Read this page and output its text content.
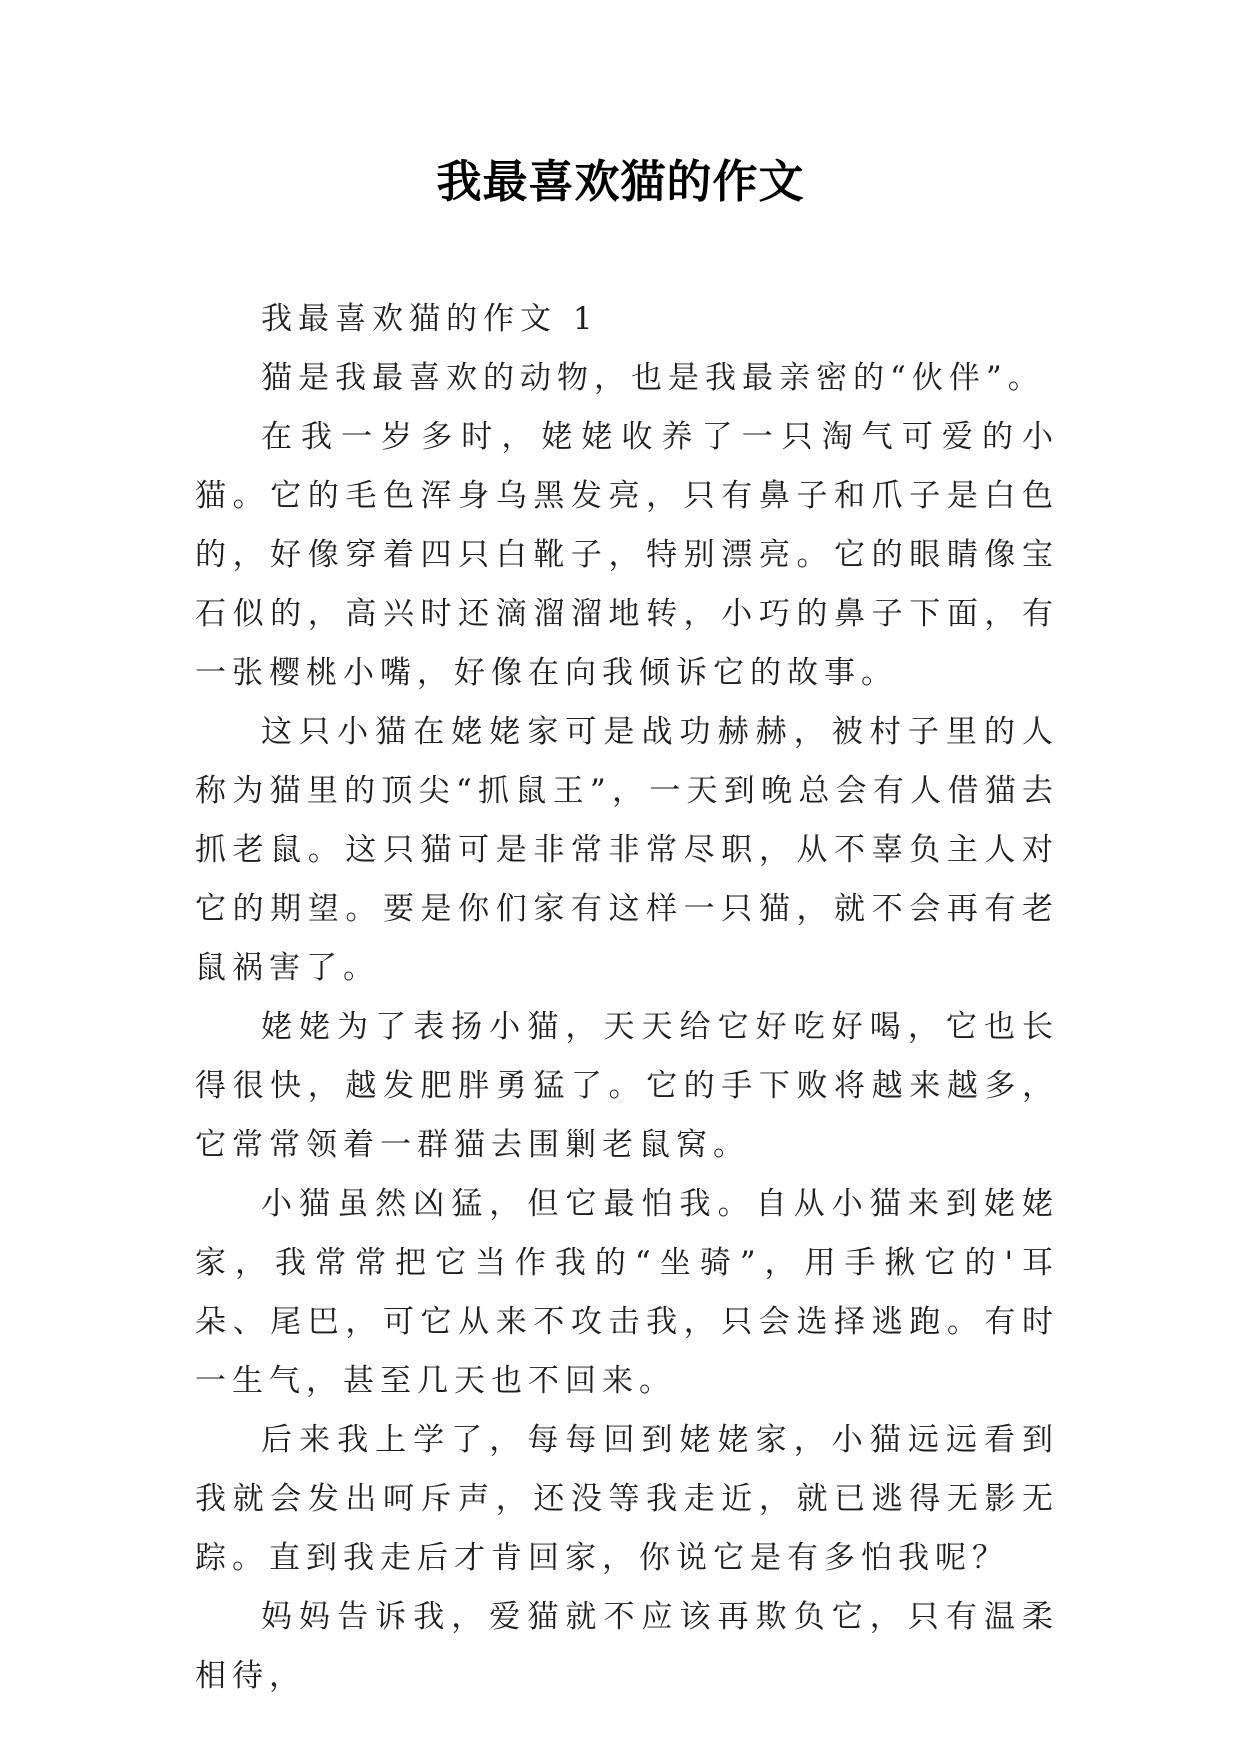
我最喜欢猫的作文

我最喜欢猫的作文 1

猫是我最喜欢的动物，也是我最亲密的“伙伴”。

在我一岁多时，姥姥收养了一只淘气可爱的小猫。它的毛色浑身乌黑发亮，只有鼻子和爪子是白色的，好像穿着四只白靴子，特别漂亮。它的眼睛像宝石似的，高兴时还滴溜溜地转，小巧的鼻子下面，有一张樱桃小嘴，好像在向我倾诉它的故事。

这只小猫在姥姥家可是战功赫赫，被村子里的人称为猫里的顶尖“抓鼠王”，一天到晚总会有人借猫去抓老鼠。这只猫可是非常非常尽职，从不辜负主人对它的期望。要是你们家有这样一只猫，就不会再有老鼠祸害了。

姥姥为了表扬小猫，天天给它好吃好喝，它也长得很快，越发肥胖勇猛了。它的手下败将越来越多，它常常领着一群猫去围剿老鼠窝。

小猫虽然凶猛，但它最怕我。自从小猫来到姥姥家，我常常把它当作我的“坐骑”，用手揪它的'耳朵、尾巴，可它从来不攻击我，只会选择逃跑。有时一生气，甚至几天也不回来。

后来我上学了，每每回到姥姥家，小猫远远看到我就会发出呵斥声，还没等我走近，就已逃得无影无踪。直到我走后才肯回家，你说它是有多怕我呢？

妈妈告诉我，爱猫就不应该再欺负它，只有温柔相待，
